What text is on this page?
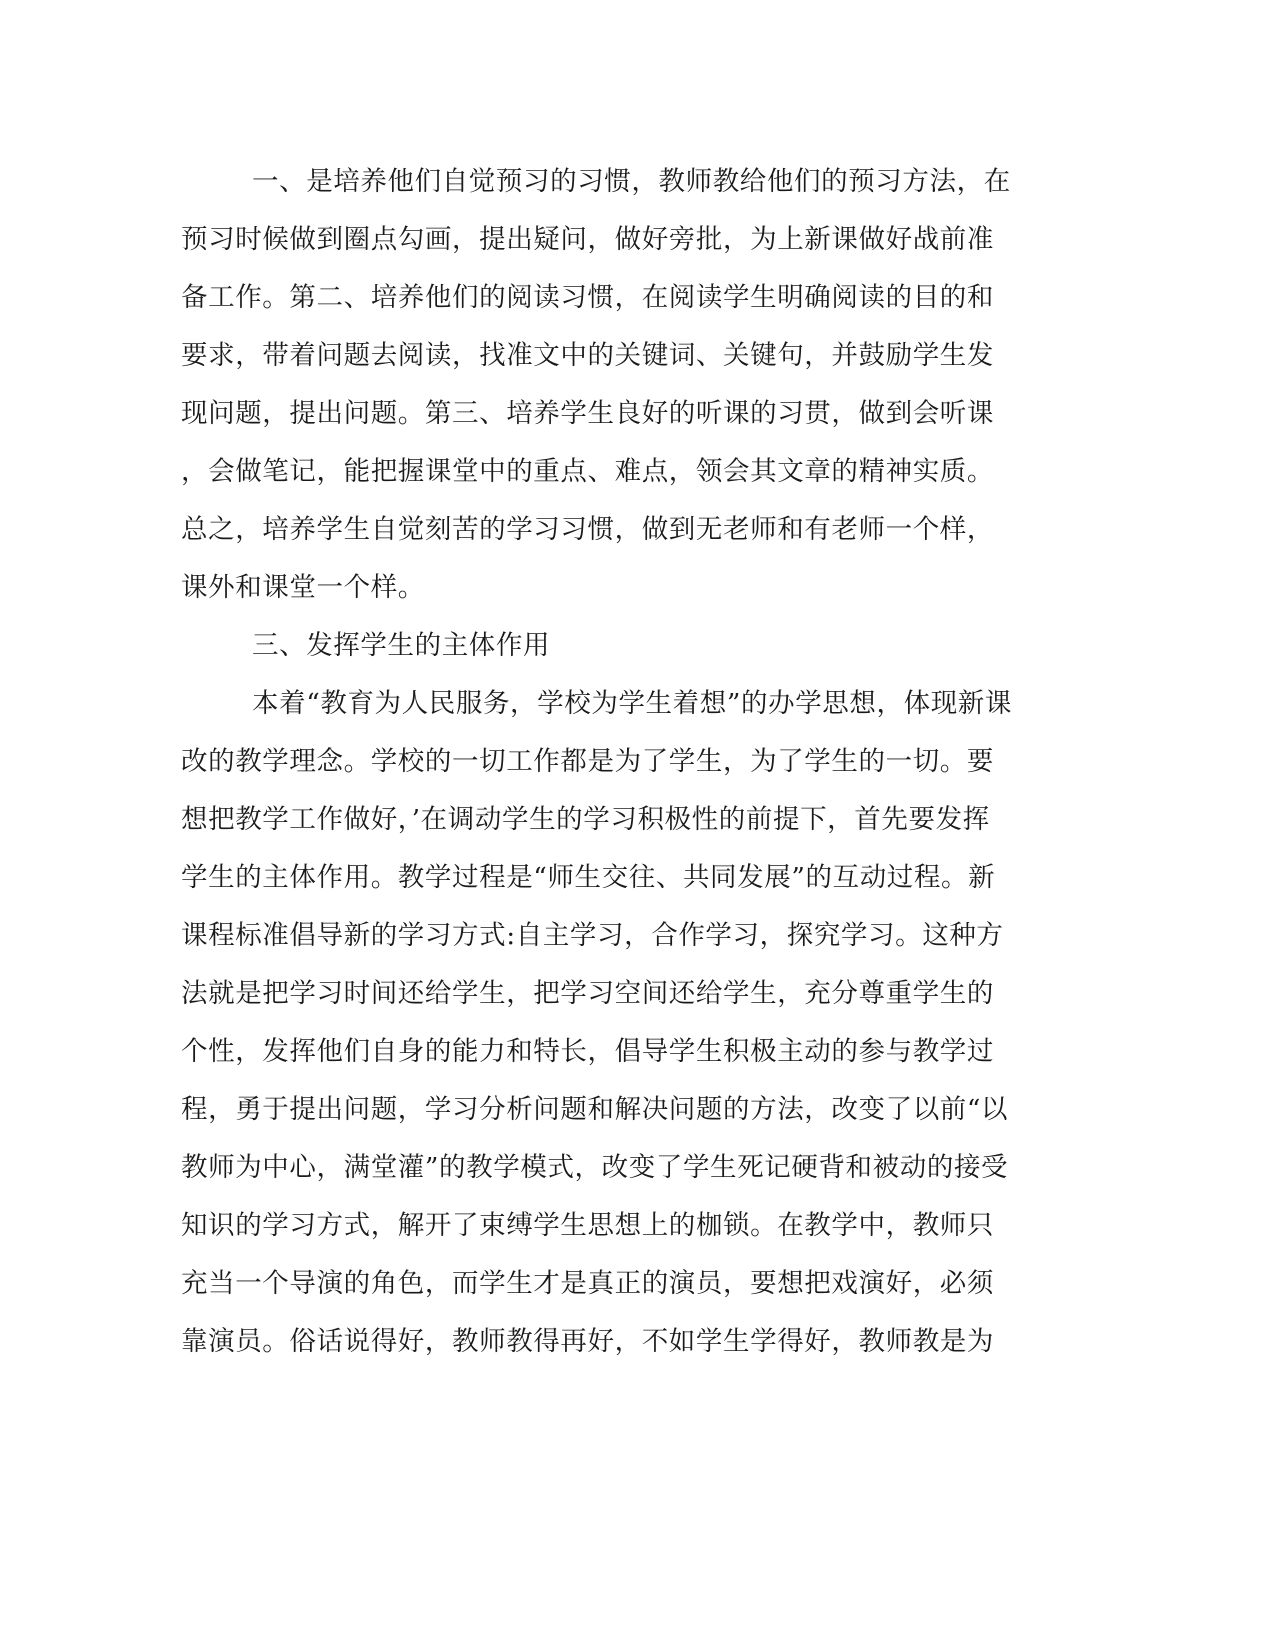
一、是培养他们自觉预习的习惯，教师教给他们的预习方法，在
预习时候做到圈点勾画，提出疑问，做好旁批，为上新课做好战前准
备工作。第二、培养他们的阅读习惯，在阅读学生明确阅读的目的和
要求，带着问题去阅读，找准文中的关键词、关键句，并鼓励学生发
现问题，提出问题。第三、培养学生良好的听课的习贯，做到会听课
，会做笔记，能把握课堂中的重点、难点，领会其文章的精神实质。
总之，培养学生自觉刻苦的学习习惯，做到无老师和有老师一个样，
课外和课堂一个样。
三、发挥学生的主体作用
本着“教育为人民服务，学校为学生着想”的办学思想，体现新课
改的教学理念。学校的一切工作都是为了学生，为了学生的一切。要
想把教学工作做好，’在调动学生的学习积极性的前提下，首先要发挥
学生的主体作用。教学过程是“师生交往、共同发展”的互动过程。新
课程标准倡导新的学习方式:自主学习，合作学习，探究学习。这种方
法就是把学习时间还给学生，把学习空间还给学生，充分尊重学生的
个性，发挥他们自身的能力和特长，倡导学生积极主动的参与教学过
程，勇于提出问题，学习分析问题和解决问题的方法，改变了以前“以
教师为中心，满堂灌”的教学模式，改变了学生死记硬背和被动的接受
知识的学习方式，解开了束缚学生思想上的枷锁。在教学中，教师只
充当一个导演的角色，而学生才是真正的演员，要想把戏演好，必须
靠演员。俗话说得好，教师教得再好，不如学生学得好，教师教是为
